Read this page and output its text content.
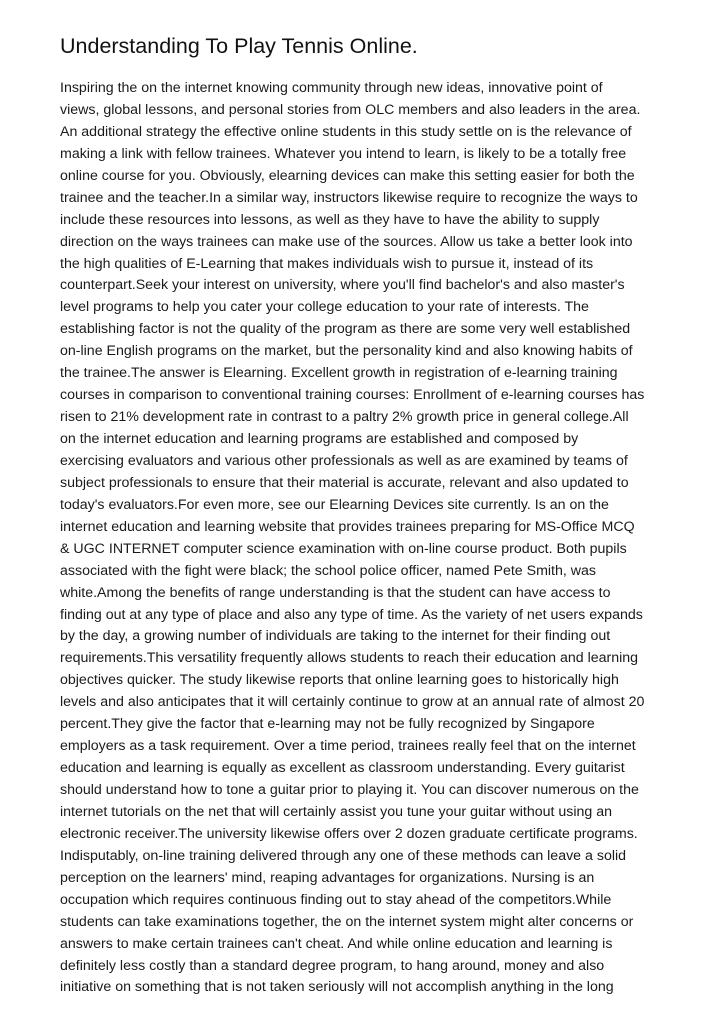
Understanding To Play Tennis Online.
Inspiring the on the internet knowing community through new ideas, innovative point of
views, global lessons, and personal stories from OLC members and also leaders in the area.
An additional strategy the effective online students in this study settle on is the relevance of
making a link with fellow trainees. Whatever you intend to learn, is likely to be a totally free
online course for you. Obviously, elearning devices can make this setting easier for both the
trainee and the teacher.In a similar way, instructors likewise require to recognize the ways to
include these resources into lessons, as well as they have to have the ability to supply
direction on the ways trainees can make use of the sources. Allow us take a better look into
the high qualities of E-Learning that makes individuals wish to pursue it, instead of its
counterpart.Seek your interest on university, where you'll find bachelor's and also master's
level programs to help you cater your college education to your rate of interests. The
establishing factor is not the quality of the program as there are some very well established
on-line English programs on the market, but the personality kind and also knowing habits of
the trainee.The answer is Elearning. Excellent growth in registration of e-learning training
courses in comparison to conventional training courses: Enrollment of e-learning courses has
risen to 21% development rate in contrast to a paltry 2% growth price in general college.All
on the internet education and learning programs are established and composed by
exercising evaluators and various other professionals as well as are examined by teams of
subject professionals to ensure that their material is accurate, relevant and also updated to
today's evaluators.For even more, see our Elearning Devices site currently. Is an on the
internet education and learning website that provides trainees preparing for MS-Office MCQ
& UGC INTERNET computer science examination with on-line course product. Both pupils
associated with the fight were black; the school police officer, named Pete Smith, was
white.Among the benefits of range understanding is that the student can have access to
finding out at any type of place and also any type of time. As the variety of net users expands
by the day, a growing number of individuals are taking to the internet for their finding out
requirements.This versatility frequently allows students to reach their education and learning
objectives quicker. The study likewise reports that online learning goes to historically high
levels and also anticipates that it will certainly continue to grow at an annual rate of almost 20
percent.They give the factor that e-learning may not be fully recognized by Singapore
employers as a task requirement. Over a time period, trainees really feel that on the internet
education and learning is equally as excellent as classroom understanding. Every guitarist
should understand how to tone a guitar prior to playing it. You can discover numerous on the
internet tutorials on the net that will certainly assist you tune your guitar without using an
electronic receiver.The university likewise offers over 2 dozen graduate certificate programs.
Indisputably, on-line training delivered through any one of these methods can leave a solid
perception on the learners' mind, reaping advantages for organizations. Nursing is an
occupation which requires continuous finding out to stay ahead of the competitors.While
students can take examinations together, the on the internet system might alter concerns or
answers to make certain trainees can't cheat. And while online education and learning is
definitely less costly than a standard degree program, to hang around, money and also
initiative on something that is not taken seriously will not accomplish anything in the long
